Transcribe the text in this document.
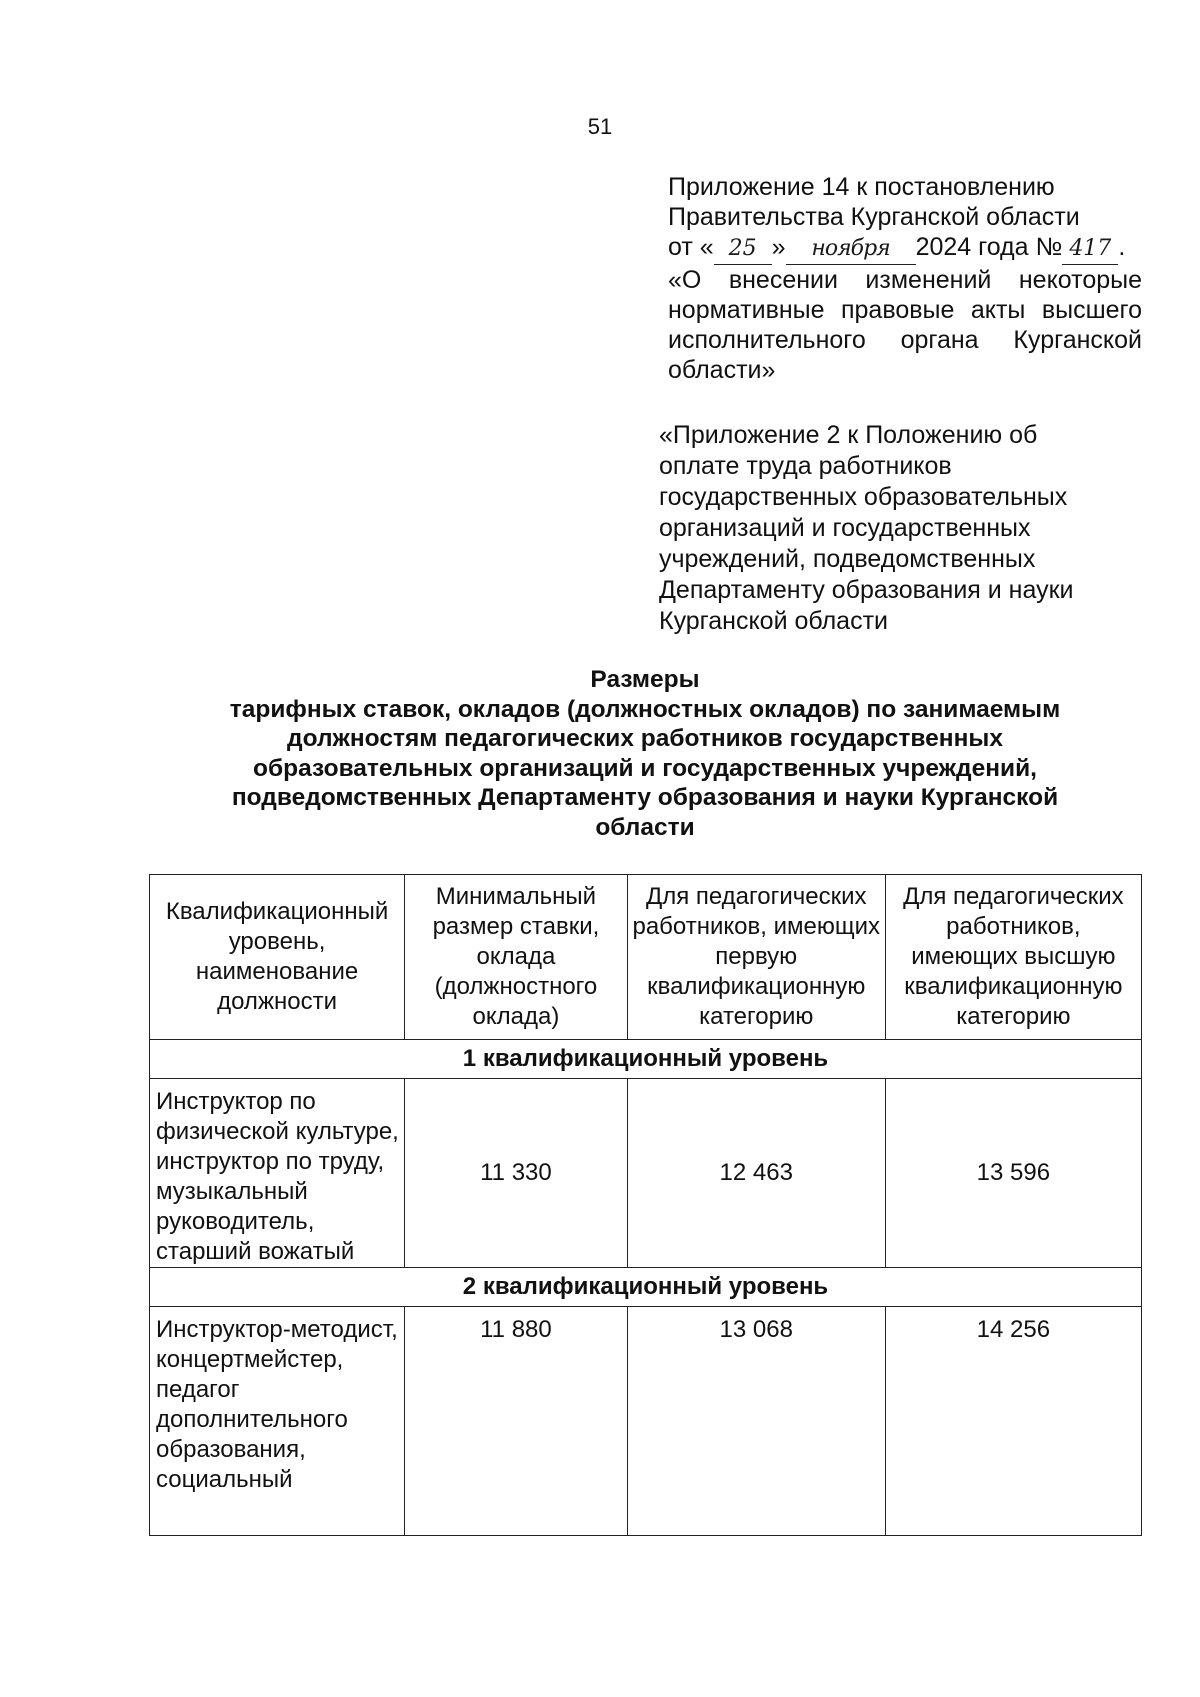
51
Приложение 14 к постановлению
Правительства Курганской области
от « 25 » ноября 2024 года № 417 .
«О внесении изменений некоторые
нормативные правовые акты высшего
исполнительного органа Курганской
области»
«Приложение 2 к Положению об
оплате труда работников
государственных образовательных
организаций и государственных
учреждений, подведомственных
Департаменту образования и науки
Курганской области
Размеры
тарифных ставок, окладов (должностных окладов) по занимаемым
должностям педагогических работников государственных
образовательных организаций и государственных учреждений,
подведомственных Департаменту образования и науки Курганской
области
Квалификационный уровень, наименование должности	Минимальный размер ставки, оклада (должностного оклада)	Для педагогических работников, имеющих первую квалификационную категорию	Для педагогических работников, имеющих высшую квалификационную категорию
1 квалификационный уровень			
Инструктор по физической культуре, инструктор по труду, музыкальный руководитель, старший вожатый	11 330	12 463	13 596
2 квалификационный уровень			
Инструктор-методист, концертмейстер, педагог дополнительного образования, социальный	11 880	13 068	14 256
